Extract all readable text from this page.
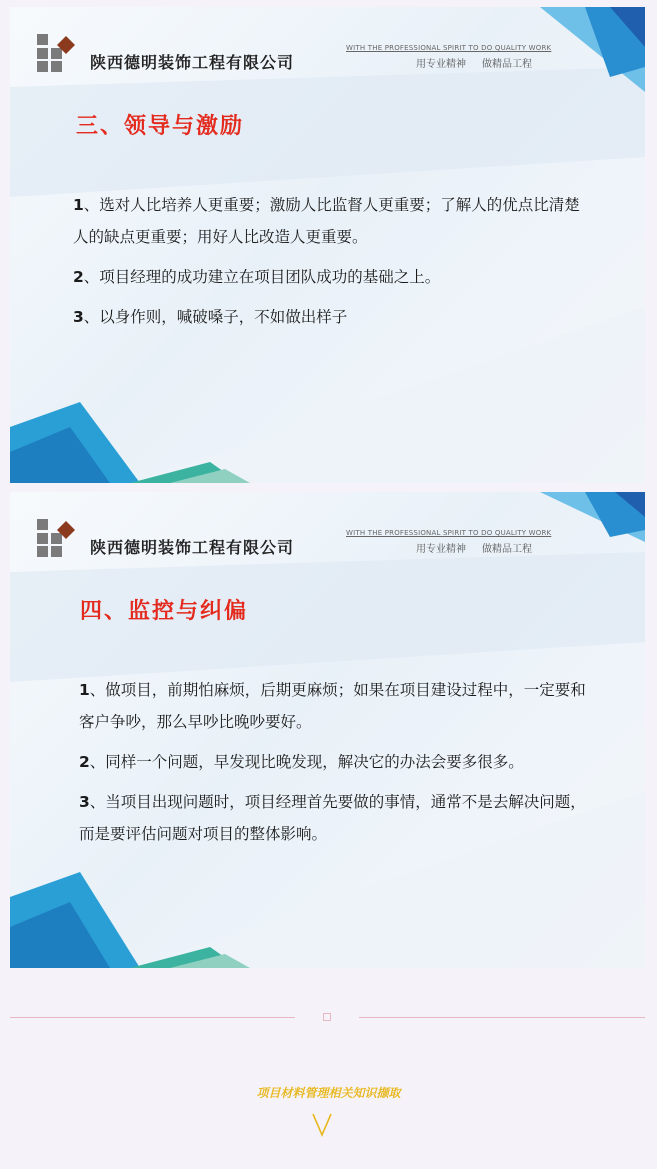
陕西德明装饰工程有限公司
WITH THE PROFESSIONAL SPIRIT TO DO QUALITY WORK
用专业精神 做精品工程
三、领导与激励
1、选对人比培养人更重要；激励人比监督人更重要；了解人的优点比清楚人的缺点更重要；用好人比改造人更重要。
2、项目经理的成功建立在项目团队成功的基础之上。
3、以身作则，喊破嗓子，不如做出样子
陕西德明装饰工程有限公司
WITH THE PROFESSIONAL SPIRIT TO DO QUALITY WORK
用专业精神 做精品工程
四、监控与纠偏
1、做项目，前期怕麻烦，后期更麻烦；如果在项目建设过程中，一定要和客户争吵，那么早吵比晚吵要好。
2、同样一个问题，早发现比晚发现，解决它的办法会要多很多。
3、当项目出现问题时，项目经理首先要做的事情，通常不是去解决问题，而是要评估问题对项目的整体影响。
项目材料管理相关知识撷取
